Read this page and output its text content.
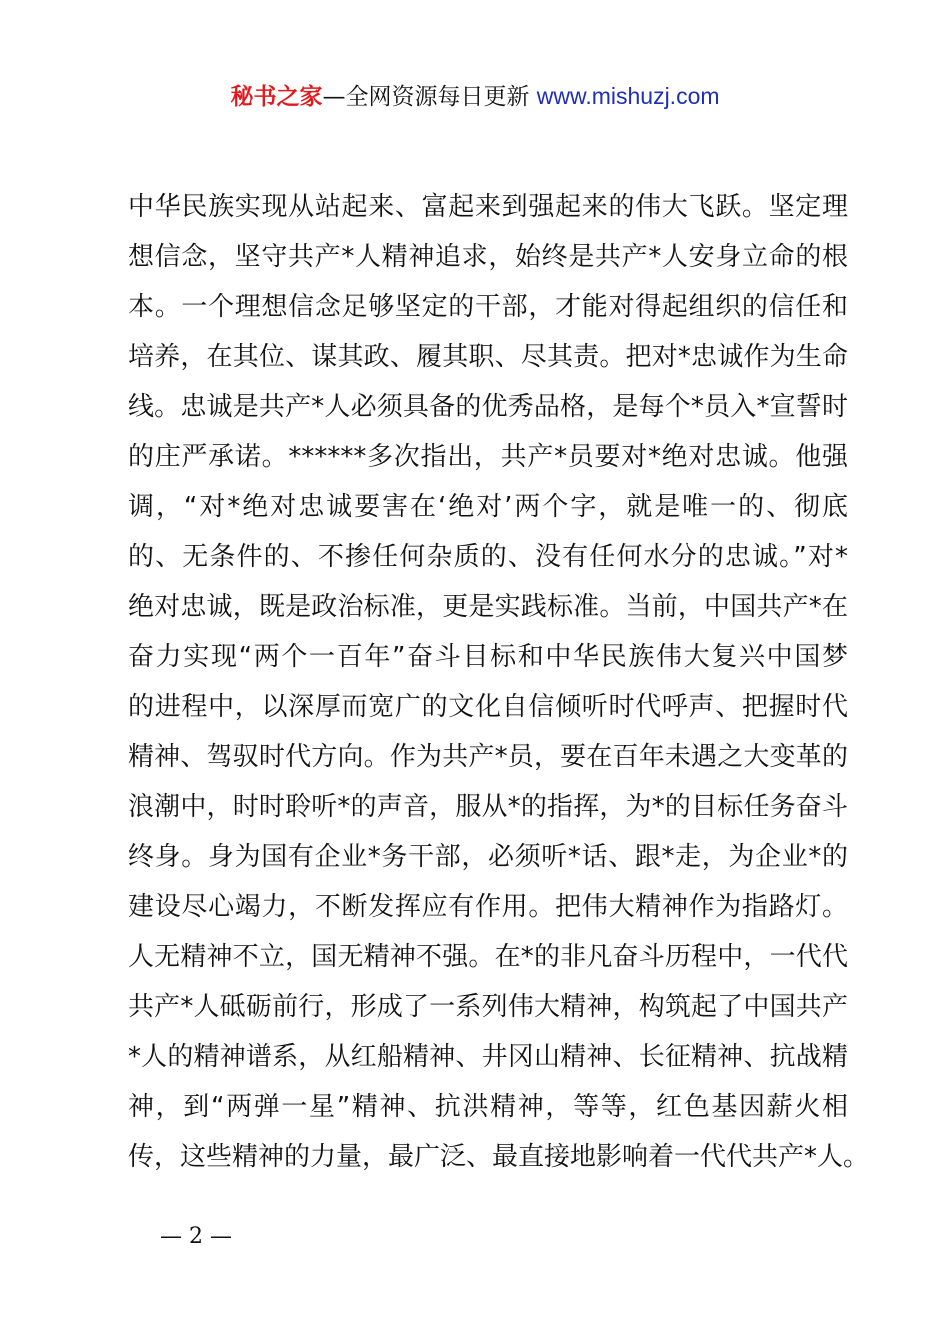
秘书之家—全网资源每日更新 www.mishuzj.com
中华民族实现从站起来、富起来到强起来的伟大飞跃。坚定理
想信念，坚守共产*人精神追求，始终是共产*人安身立命的根
本。一个理想信念足够坚定的干部，才能对得起组织的信任和
培养，在其位、谋其政、履其职、尽其责。把对*忠诚作为生命
线。忠诚是共产*人必须具备的优秀品格，是每个*员入*宣誓时
的庄严承诺。******多次指出，共产*员要对*绝对忠诚。他强
调，“对*绝对忠诚要害在‘绝对’两个字，就是唯一的、彻底
的、无条件的、不掺任何杂质的、没有任何水分的忠诚。”对*
绝对忠诚，既是政治标准，更是实践标准。当前，中国共产*在
奋力实现“两个一百年”奋斗目标和中华民族伟大复兴中国梦
的进程中，以深厚而宽广的文化自信倾听时代呼声、把握时代
精神、驾驭时代方向。作为共产*员，要在百年未遇之大变革的
浪潮中，时时聆听*的声音，服从*的指挥，为*的目标任务奋斗
终身。身为国有企业*务干部，必须听*话、跟*走，为企业*的
建设尽心竭力，不断发挥应有作用。把伟大精神作为指路灯。
人无精神不立，国无精神不强。在*的非凡奋斗历程中，一代代
共产*人砥砺前行，形成了一系列伟大精神，构筑起了中国共产
*人的精神谱系，从红船精神、井冈山精神、长征精神、抗战精
神，到“两弹一星”精神、抗洪精神，等等，红色基因薪火相
传，这些精神的力量，最广泛、最直接地影响着一代代共产*人。
— 2 —
